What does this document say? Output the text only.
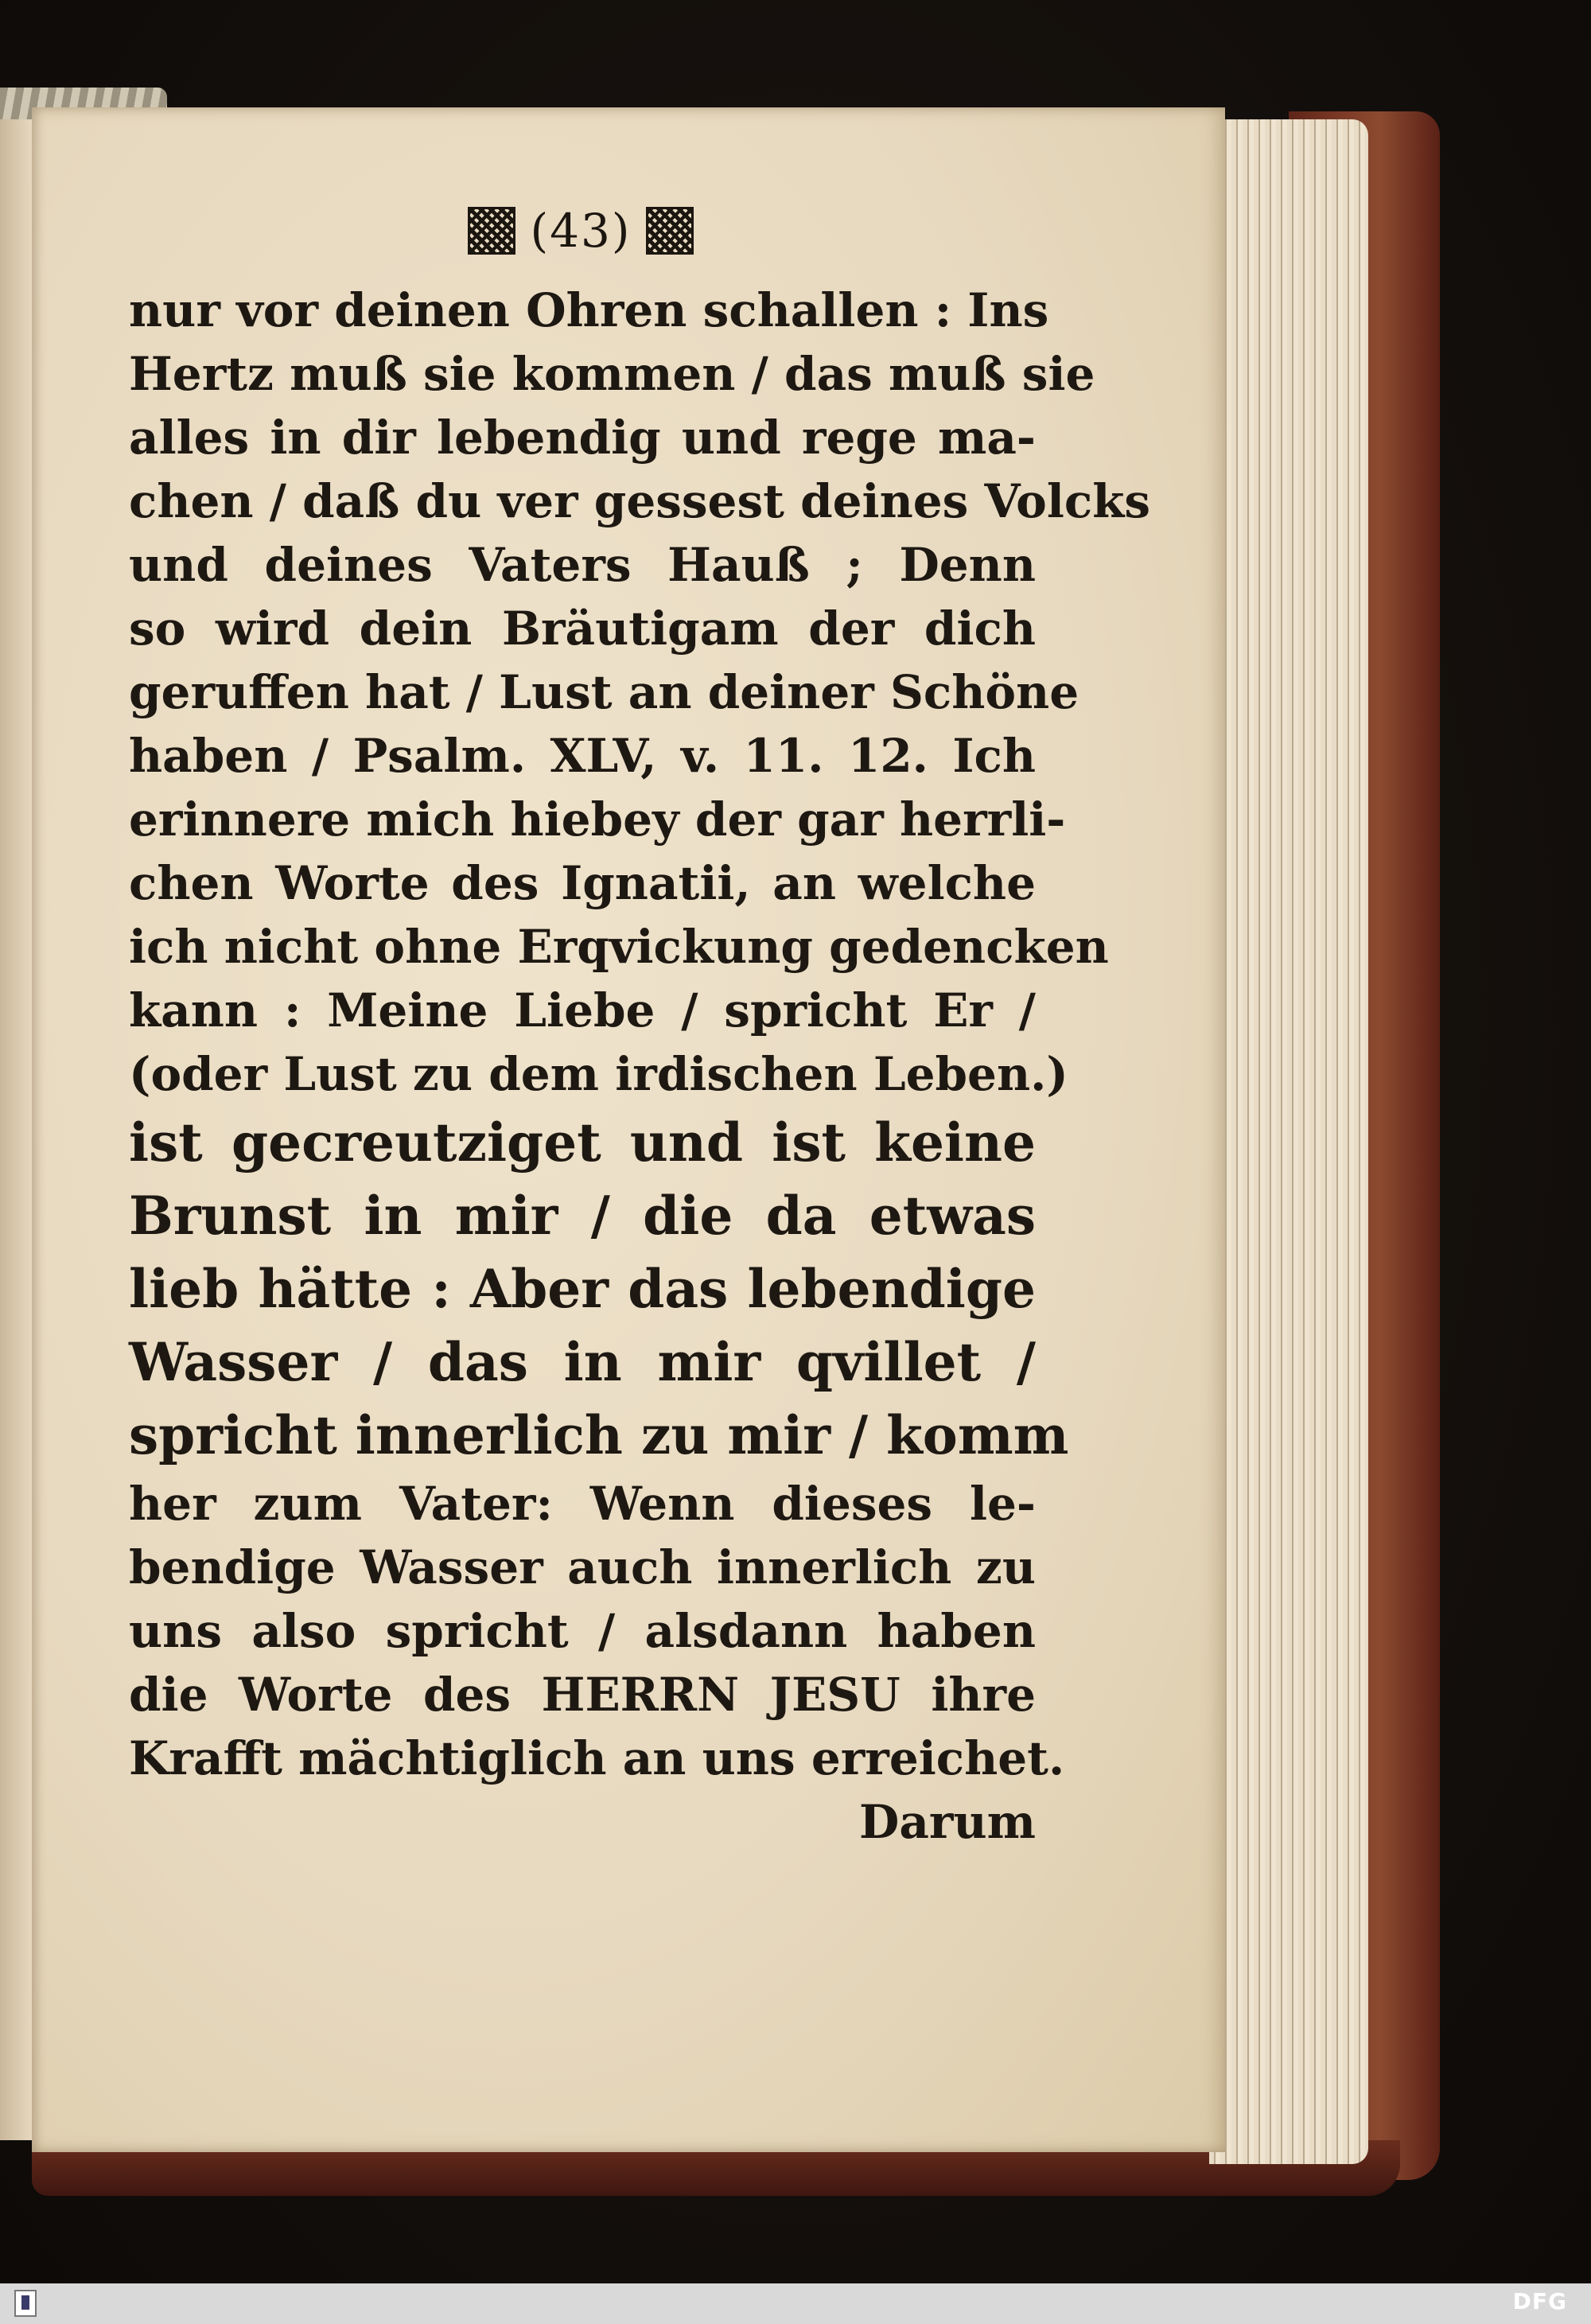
(43)
nur vor deinen Ohren schallen : Ins
Hertz muß sie kommen / das muß sie
alles in dir lebendig und rege ma-
chen / daß du ver gessest deines Volcks
und deines Vaters Hauß ; Denn
so wird dein Bräutigam der dich
geruffen hat / Lust an deiner Schöne
haben / Psalm. XLV, v. 11. 12. Ich
erinnere mich hiebey der gar herrli-
chen Worte des Ignatii, an welche
ich nicht ohne Erqvickung gedencken
kann : Meine Liebe / spricht Er /
(oder Lust zu dem irdischen Leben.)
ist gecreutziget und ist keine
Brunst in mir / die da etwas
lieb hätte : Aber das lebendige
Wasser / das in mir qvillet /
spricht innerlich zu mir / komm
her zum Vater: Wenn dieses le-
bendige Wasser auch innerlich zu
uns also spricht / alsdann haben
die Worte des HERRN JESU ihre
Krafft mächtiglich an uns erreichet.
Darum
DFG
